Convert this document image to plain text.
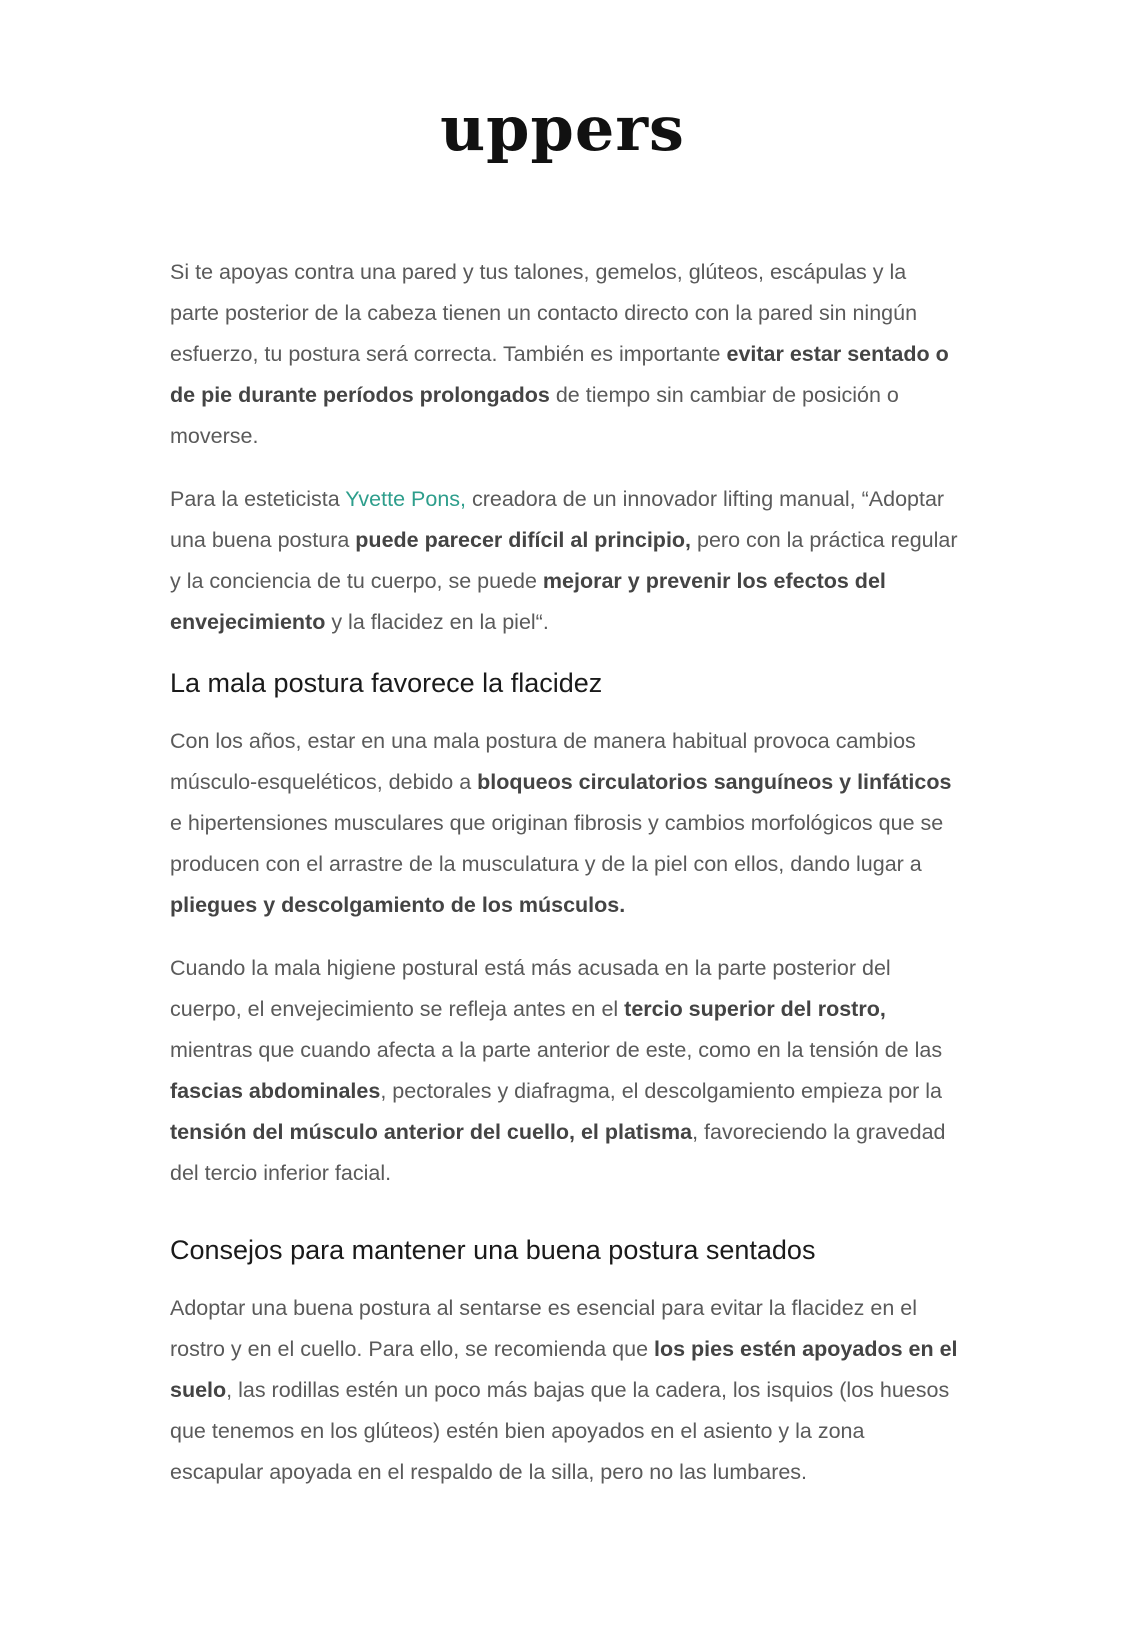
uppers

Si te apoyas contra una pared y tus talones, gemelos, glúteos, escápulas y la parte posterior de la cabeza tienen un contacto directo con la pared sin ningún esfuerzo, tu postura será correcta. También es importante evitar estar sentado o de pie durante períodos prolongados de tiempo sin cambiar de posición o moverse.

Para la esteticista Yvette Pons, creadora de un innovador lifting manual, “Adoptar una buena postura puede parecer difícil al principio, pero con la práctica regular y la conciencia de tu cuerpo, se puede mejorar y prevenir los efectos del envejecimiento y la flacidez en la piel“.

La mala postura favorece la flacidez

Con los años, estar en una mala postura de manera habitual provoca cambios músculo-esqueléticos, debido a bloqueos circulatorios sanguíneos y linfáticos e hipertensiones musculares que originan fibrosis y cambios morfológicos que se producen con el arrastre de la musculatura y de la piel con ellos, dando lugar a pliegues y descolgamiento de los músculos.

Cuando la mala higiene postural está más acusada en la parte posterior del cuerpo, el envejecimiento se refleja antes en el tercio superior del rostro, mientras que cuando afecta a la parte anterior de este, como en la tensión de las fascias abdominales, pectorales y diafragma, el descolgamiento empieza por la tensión del músculo anterior del cuello, el platisma, favoreciendo la gravedad del tercio inferior facial.

Consejos para mantener una buena postura sentados

Adoptar una buena postura al sentarse es esencial para evitar la flacidez en el rostro y en el cuello. Para ello, se recomienda que los pies estén apoyados en el suelo, las rodillas estén un poco más bajas que la cadera, los isquios (los huesos que tenemos en los glúteos) estén bien apoyados en el asiento y la zona escapular apoyada en el respaldo de la silla, pero no las lumbares.
